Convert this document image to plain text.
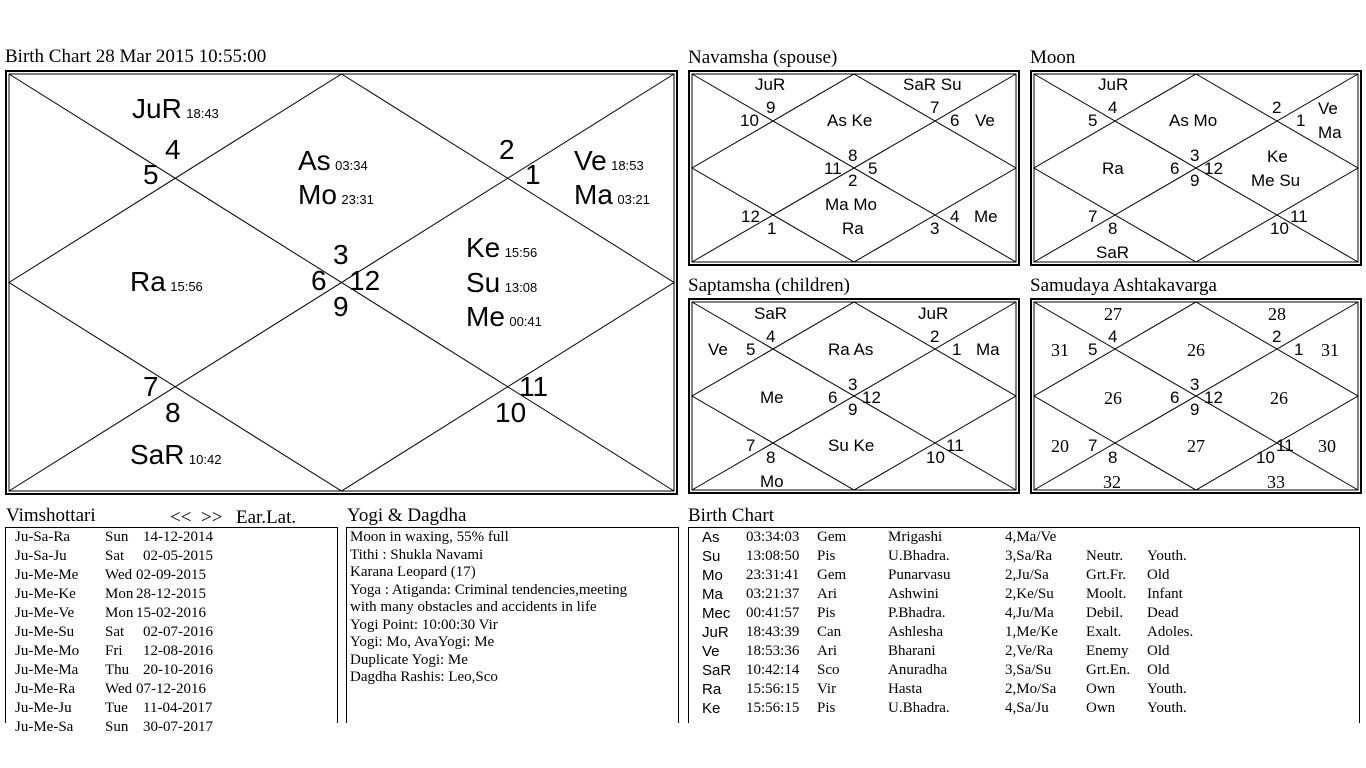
Birth Chart 28 Mar 2015 10:55:00	Navamsha (spouse)	Moon
Saptamsha (children)	Samudaya Ashtakavarga
Vimshottari	<< >> Ear.Lat.	Yogi & Dagdha	Birth Chart
4
5
2
1
3
6 12
9
7
8
11
10
JuR 18:43
As 03:34
Mo 23:31
Ve 18:53
Ma 03:21
Ra 15:56
Ke 15:56
Su 13:08
Me 00:41
SaR 10:42
9
10
7
6
8
11 5
2
12
1
4
3
JuR	SaR Su
As Ke	Ve
Ma Mo
Ra
Me
4
5
2
1
3
6 12
9
7
8
11
10
JuR
As Mo
Ve
Ma
Ra
Ke
Me Su
SaR
4
5
2
1
3
6 12
9
7
8
11
10
SaR	JuR
Ve	Ra As	Ma
Me
Su Ke
Mo
4
5
2
1
3
6 12
9
7
8
11
10
27	28
31	26	31
26	26
20	27	30
32	33
Ju-Sa-Ra Sun 14-12-2014
Ju-Sa-Ju	Sat 02-05-2015
Ju-Me-Me Wed 02-09-2015
Ju-Me-Ke Mon 28-12-2015
Ju-Me-Ve Mon 15-02-2016
Ju-Me-Su Sat 02-07-2016
Ju-Me-Mo Fri 12-08-2016
Ju-Me-Ma Thu 20-10-2016
Ju-Me-Ra Wed 07-12-2016
Ju-Me-Ju Tue 11-04-2017
Ju-Me-Sa Sun 30-07-2017
Moon in waxing, 55% full
Tithi : Shukla Navami
Karana Leopard (17)
Yoga : Atiganda: Criminal tendencies,meeting
with many obstacles and accidents in life
Yogi Point: 10:00:30 Vir
Yogi: Mo, AvaYogi: Me
Duplicate Yogi: Me
Dagdha Rashis: Leo,Sco
As 03:34:03 Gem	Mrigashi	4,Ma/Ve
Su 13:08:50 Pis	U.Bhadra.	3,Sa/Ra Neutr. Youth.
Mo 23:31:41 Gem	Punarvasu	2,Ju/Sa Grt.Fr. Old
Ma 03:21:37 Ari	Ashwini	2,Ke/Su Moolt. Infant
Mec 00:41:57 Pis	P.Bhadra.	4,Ju/Ma Debil. Dead
JuR 18:43:39 Can	Ashlesha	1,Me/Ke Exalt. Adoles.
Ve 18:53:36 Ari	Bharani	2,Ve/Ra Enemy Old
SaR 10:42:14 Sco	Anuradha	3,Sa/Su Grt.En. Old
Ra 15:56:15 Vir	Hasta	2,Mo/Sa Own Youth.
Ke 15:56:15 Pis	U.Bhadra.	4,Sa/Ju Own Youth.
